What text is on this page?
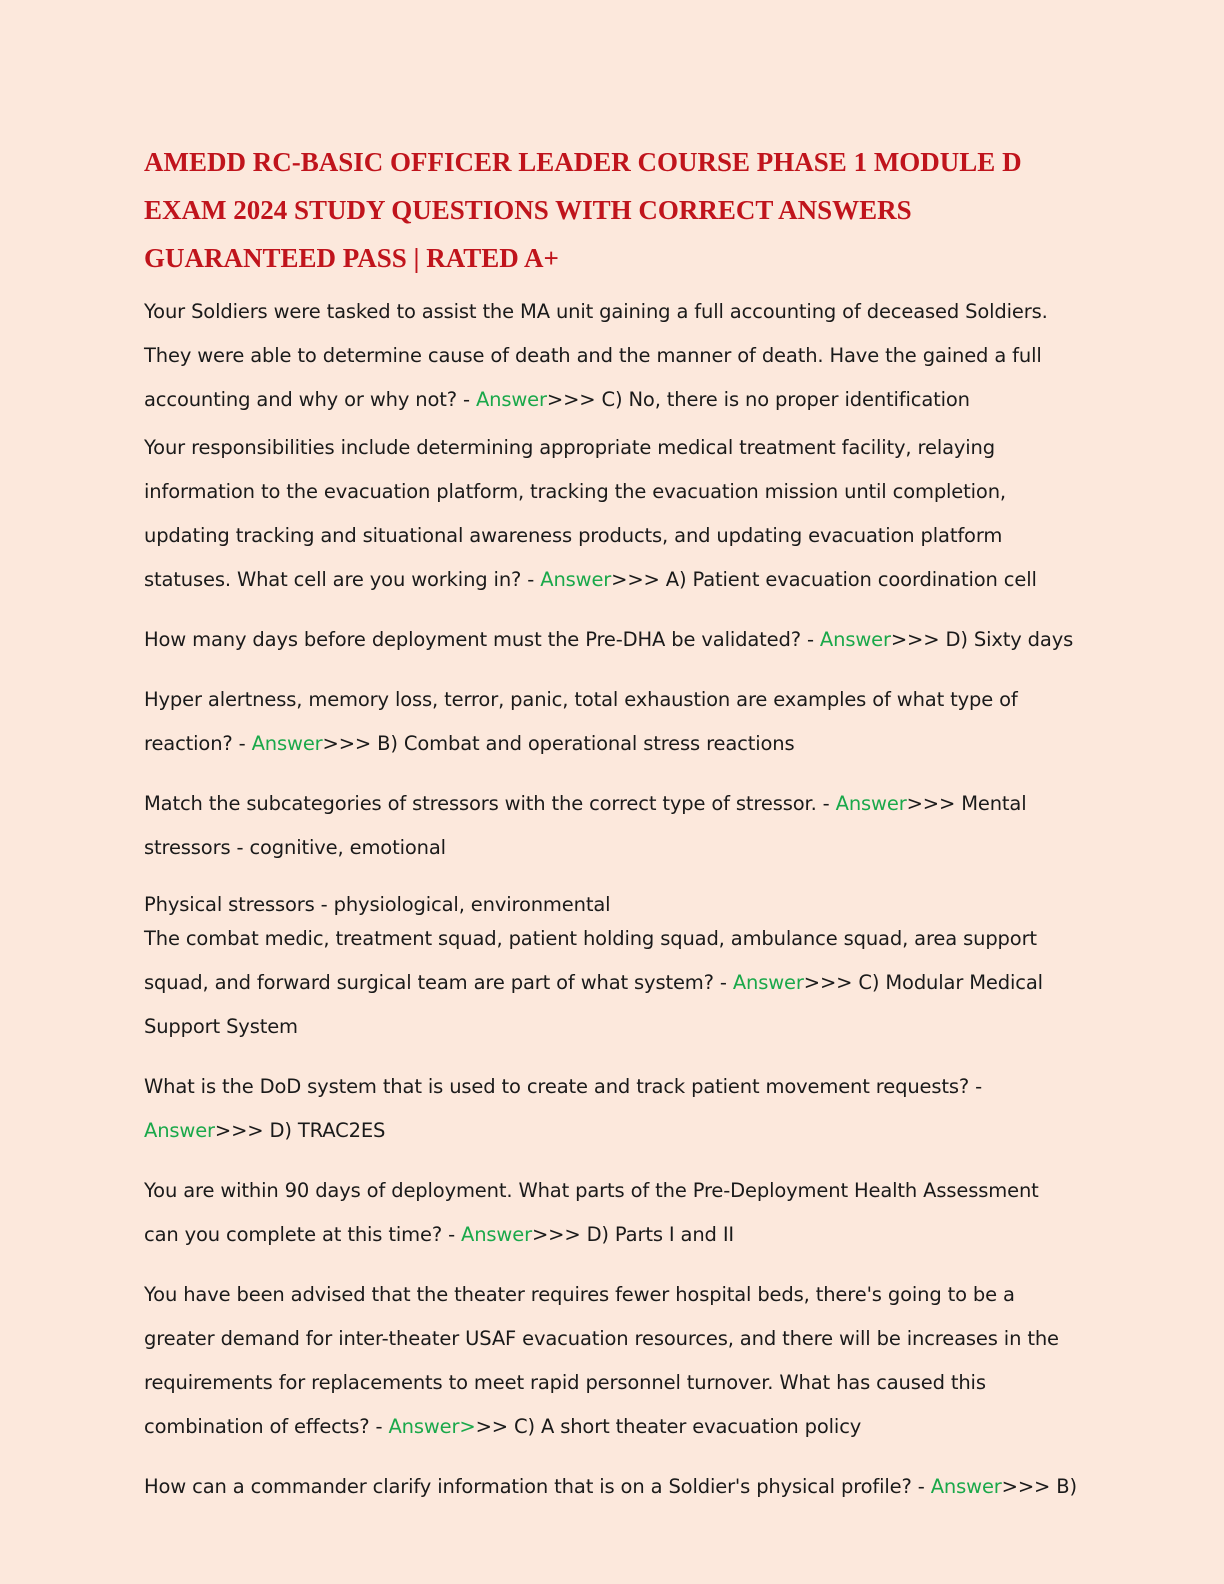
AMEDD RC-BASIC OFFICER LEADER COURSE PHASE 1 MODULE D
EXAM 2024 STUDY QUESTIONS WITH CORRECT ANSWERS
GUARANTEED PASS | RATED A+

Your Soldiers were tasked to assist the MA unit gaining a full accounting of deceased Soldiers.
They were able to determine cause of death and the manner of death. Have the gained a full
accounting and why or why not? - Answer>>> C) No, there is no proper identification

Your responsibilities include determining appropriate medical treatment facility, relaying
information to the evacuation platform, tracking the evacuation mission until completion,
updating tracking and situational awareness products, and updating evacuation platform
statuses. What cell are you working in? - Answer>>> A) Patient evacuation coordination cell

How many days before deployment must the Pre-DHA be validated? - Answer>>> D) Sixty days

Hyper alertness, memory loss, terror, panic, total exhaustion are examples of what type of
reaction? - Answer>>> B) Combat and operational stress reactions

Match the subcategories of stressors with the correct type of stressor. - Answer>>> Mental
stressors - cognitive, emotional

Physical stressors - physiological, environmental

The combat medic, treatment squad, patient holding squad, ambulance squad, area support
squad, and forward surgical team are part of what system? - Answer>>> C) Modular Medical
Support System

What is the DoD system that is used to create and track patient movement requests? -
Answer>>> D) TRAC2ES

You are within 90 days of deployment. What parts of the Pre-Deployment Health Assessment
can you complete at this time? - Answer>>> D) Parts I and II

You have been advised that the theater requires fewer hospital beds, there's going to be a
greater demand for inter-theater USAF evacuation resources, and there will be increases in the
requirements for replacements to meet rapid personnel turnover. What has caused this
combination of effects? - Answer>>> C) A short theater evacuation policy

How can a commander clarify information that is on a Soldier's physical profile? - Answer>>> B)
